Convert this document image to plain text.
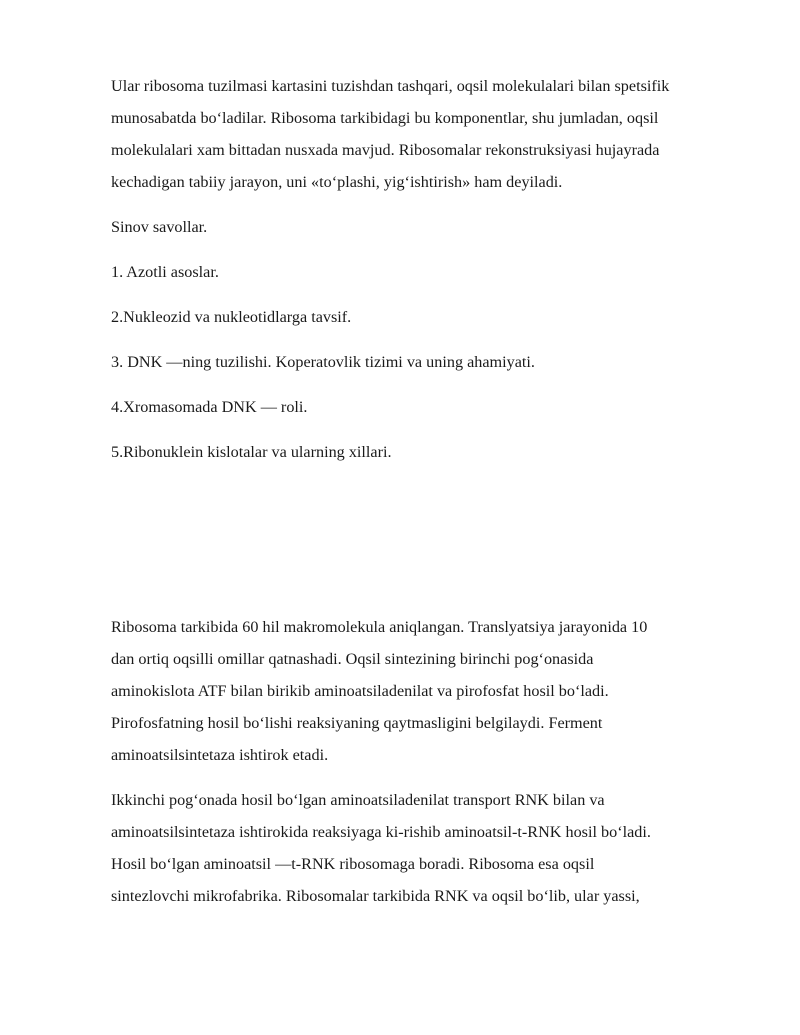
Ular ribosoma tuzilmasi kartasini tuzishdan tashqari, oqsil molekulalari bilan spetsifik
munosabatda bo‘ladilar. Ribosoma tarkibidagi bu komponentlar, shu jumladan, oqsil
molekulalari xam bittadan nusxada mavjud. Ribosomalar rekonstruksiyasi hujayrada
kechadigan tabiiy jarayon, uni «to‘plashi, yig‘ishtirish» ham deyiladi.

Sinov savollar.

1. Azotli asoslar.

2.Nukleozid va nukleotidlarga tavsif.

3. DNK —ning tuzilishi. Koperatovlik tizimi va uning ahamiyati.

4.Xromasomada DNK — roli.

5.Ribonuklein kislotalar va ularning xillari.

Ribosoma tarkibida 60 hil makromolekula aniqlangan. Translyatsiya jarayonida 10
dan ortiq oqsilli omillar qatnashadi. Oqsil sintezining birinchi pog‘onasida
aminokislota ATF bilan birikib aminoatsiladenilat va pirofosfat hosil bo‘ladi.
Pirofosfatning hosil bo‘lishi reaksiyaning qaytmasligini belgilaydi. Ferment
aminoatsilsintetaza ishtirok etadi.

Ikkinchi pog‘onada hosil bo‘lgan aminoatsiladenilat transport RNK bilan va
aminoatsilsintetaza ishtirokida reaksiyaga ki-rishib aminoatsil-t-RNK hosil bo‘ladi.
Hosil bo‘lgan aminoatsil —t-RNK ribosomaga boradi. Ribosoma esa oqsil
sintezlovchi mikrofabrika. Ribosomalar tarkibida RNK va oqsil bo‘lib, ular yassi,
